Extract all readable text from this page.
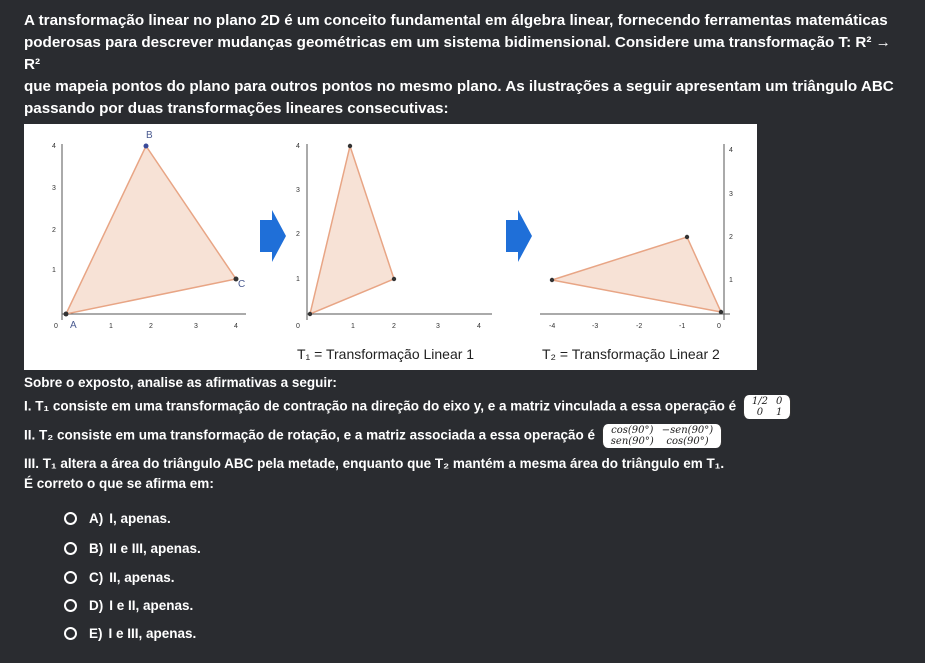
A transformação linear no plano 2D é um conceito fundamental em álgebra linear, fornecendo ferramentas matemáticas
poderosas para descrever mudanças geométricas em um sistema bidimensional. Considere uma transformação T: R² → R²
que mapeia pontos do plano para outros pontos no mesmo plano. As ilustrações a seguir apresentam um triângulo ABC
passando por duas transformações lineares consecutivas:
A
B
C
0	1	2	3	4
1
2
3
4
0	1	2	3	4
1
2
3
4
-4	-3	-2	-1	0
1
2
3
4
T₁ = Transformação Linear 1	T₂ = Transformação Linear 2
Sobre o exposto, analise as afirmativas a seguir:
I. T₁ consiste em uma transformação de contração na direção do eixo y, e a matriz vinculada a essa operação é 1/2	0
0	1
II. T₂ consiste em uma transformação de rotação, e a matriz associada a essa operação é cos(90°)	−sen(90°)
sen(90°)	cos(90°)
III. T₁ altera a área do triângulo ABC pela metade, enquanto que T₂ mantém a mesma área do triângulo em T₁.
É correto o que se afirma em:
A) I, apenas.
B) II e III, apenas.
C) II, apenas.
D) I e II, apenas.
E) I e III, apenas.
